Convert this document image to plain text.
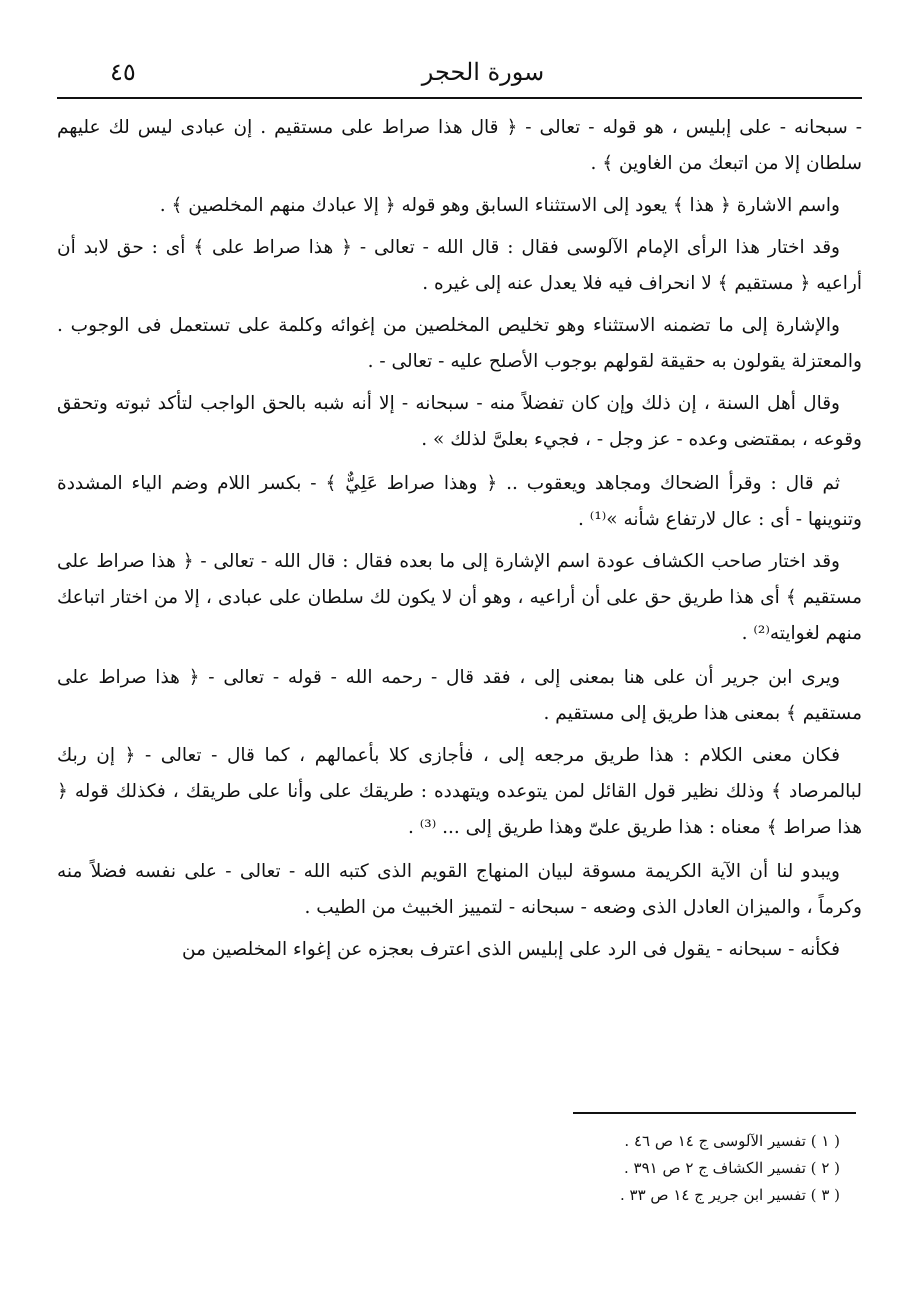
سورة الحجر
٤٥

- سبحانه - على إبليس ، هو قوله - تعالى - ﴿ قال هذا صراط على مستقيم . إن عبادى ليس لك عليهم سلطان إلا من اتبعك من الغاوين ﴾ .

واسم الاشارة ﴿ هذا ﴾ يعود إلى الاستثناء السابق وهو قوله ﴿ إلا عبادك منهم المخلصين ﴾ .

وقد اختار هذا الرأى الإمام الآلوسى فقال : قال الله - تعالى - ﴿ هذا صراط على ﴾ أى : حق لابد أن أراعيه ﴿ مستقيم ﴾ لا انحراف فيه فلا يعدل عنه إلى غيره .

والإشارة إلى ما تضمنه الاستثناء وهو تخليص المخلصين من إغوائه وكلمة على تستعمل فى الوجوب . والمعتزلة يقولون به حقيقة لقولهم بوجوب الأصلح عليه - تعالى - .

وقال أهل السنة ، إن ذلك وإن كان تفضلاً منه - سبحانه - إلا أنه شبه بالحق الواجب لتأكد ثبوته وتحقق وقوعه ، بمقتضى وعده - عز وجل - ، فجيء بعلىَّ لذلك » .

ثم قال : وقرأ الضحاك ومجاهد ويعقوب .. ﴿ وهذا صراط عَلِيٌّ ﴾ - بكسر اللام وضم الياء المشددة وتنوينها - أى : عال لارتفاع شأنه »⁽¹⁾ .

وقد اختار صاحب الكشاف عودة اسم الإشارة إلى ما بعده فقال : قال الله - تعالى - ﴿ هذا صراط على مستقيم ﴾ أى هذا طريق حق على أن أراعيه ، وهو أن لا يكون لك سلطان على عبادى ، إلا من اختار اتباعك منهم لغوايته⁽²⁾ .

ويرى ابن جرير أن على هنا بمعنى إلى ، فقد قال - رحمه الله - قوله - تعالى - ﴿ هذا صراط على مستقيم ﴾ بمعنى هذا طريق إلى مستقيم .

فكان معنى الكلام : هذا طريق مرجعه إلى ، فأجازى كلا بأعمالهم ، كما قال - تعالى - ﴿ إن ربك لبالمرصاد ﴾ وذلك نظير قول القائل لمن يتوعده ويتهدده : طريقك على وأنا على طريقك ، فكذلك قوله ﴿ هذا صراط ﴾ معناه : هذا طريق علىّ وهذا طريق إلى ... ⁽³⁾ .

ويبدو لنا أن الآية الكريمة مسوقة لبيان المنهاج القويم الذى كتبه الله - تعالى - على نفسه فضلاً منه وكرماً ، والميزان العادل الذى وضعه - سبحانه - لتمييز الخبيث من الطيب .

فكأنه - سبحانه - يقول فى الرد على إبليس الذى اعترف بعجزه عن إغواء المخلصين من

( ١ ) تفسير الآلوسى ج ١٤ ص ٤٦ .

( ٢ ) تفسير الكشاف ج ٢ ص ٣٩١ .

( ٣ ) تفسير ابن جرير ج ١٤ ص ٣٣ .
